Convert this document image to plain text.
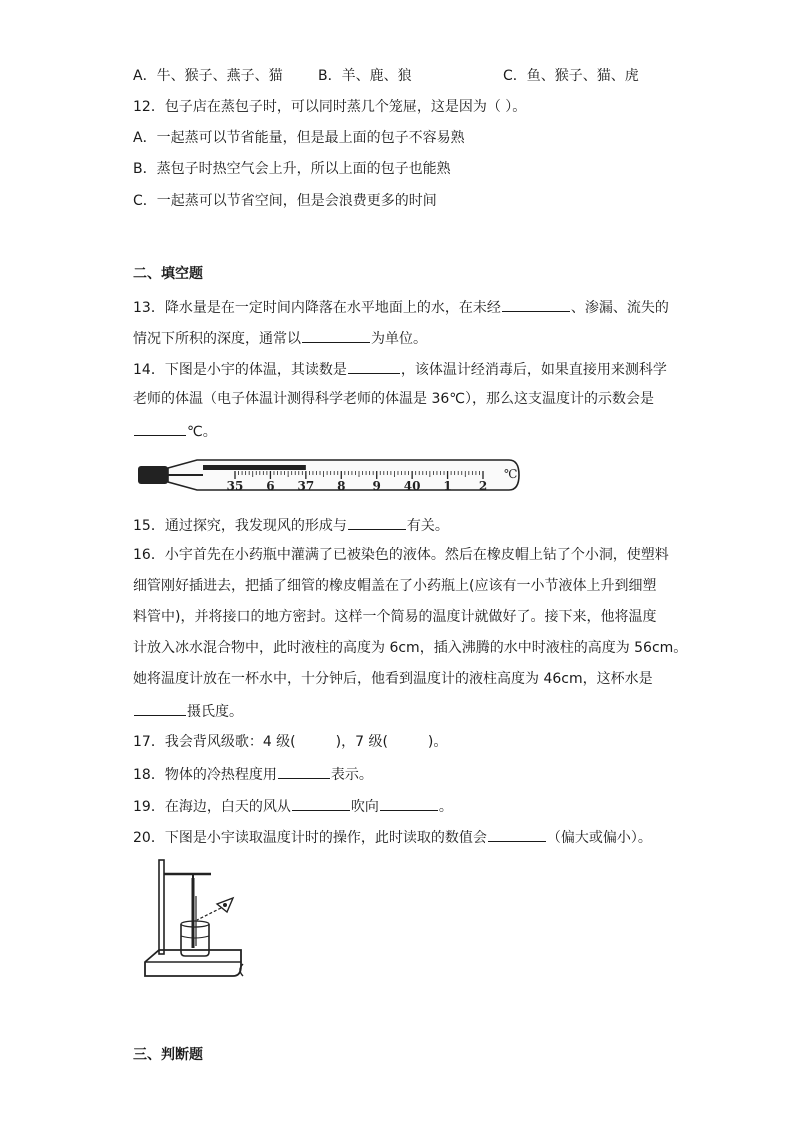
A．牛、猴子、燕子、猫	B．羊、鹿、狼	C．鱼、猴子、猫、虎
12．包子店在蒸包子时，可以同时蒸几个笼屉，这是因为（ ）。
A．一起蒸可以节省能量，但是最上面的包子不容易熟
B．蒸包子时热空气会上升，所以上面的包子也能熟
C．一起蒸可以节省空间，但是会浪费更多的时间
二、填空题
13．降水量是在一定时间内降落在水平地面上的水，在未经	、渗漏、流失的
情况下所积的深度，通常以	为单位。
14．下图是小宇的体温，其读数是	，该体温计经消毒后，如果直接用来测科学
老师的体温（电子体温计测得科学老师的体温是 36℃），那么这支温度计的示数会是
℃。
35 6 37 8 9 40 1 2
℃
15．通过探究，我发现风的形成与	有关。
16．小宇首先在小药瓶中灌满了已被染色的液体。然后在橡皮帽上钻了个小洞，使塑料
细管刚好插进去，把插了细管的橡皮帽盖在了小药瓶上(应该有一小节液体上升到细塑
料管中)，并将接口的地方密封。这样一个简易的温度计就做好了。接下来，他将温度
计放入冰水混合物中，此时液柱的高度为 6cm，插入沸腾的水中时液柱的高度为 56cm。
她将温度计放在一杯水中，十分钟后，他看到温度计的液柱高度为 46cm，这杯水是
摄氏度。
17．我会背风级歌：4 级(	)，7 级(	)。
18．物体的冷热程度用	表示。
19．在海边，白天的风从	吹向	。
20．下图是小宇读取温度计时的操作，此时读取的数值会	（偏大或偏小）。
三、判断题
